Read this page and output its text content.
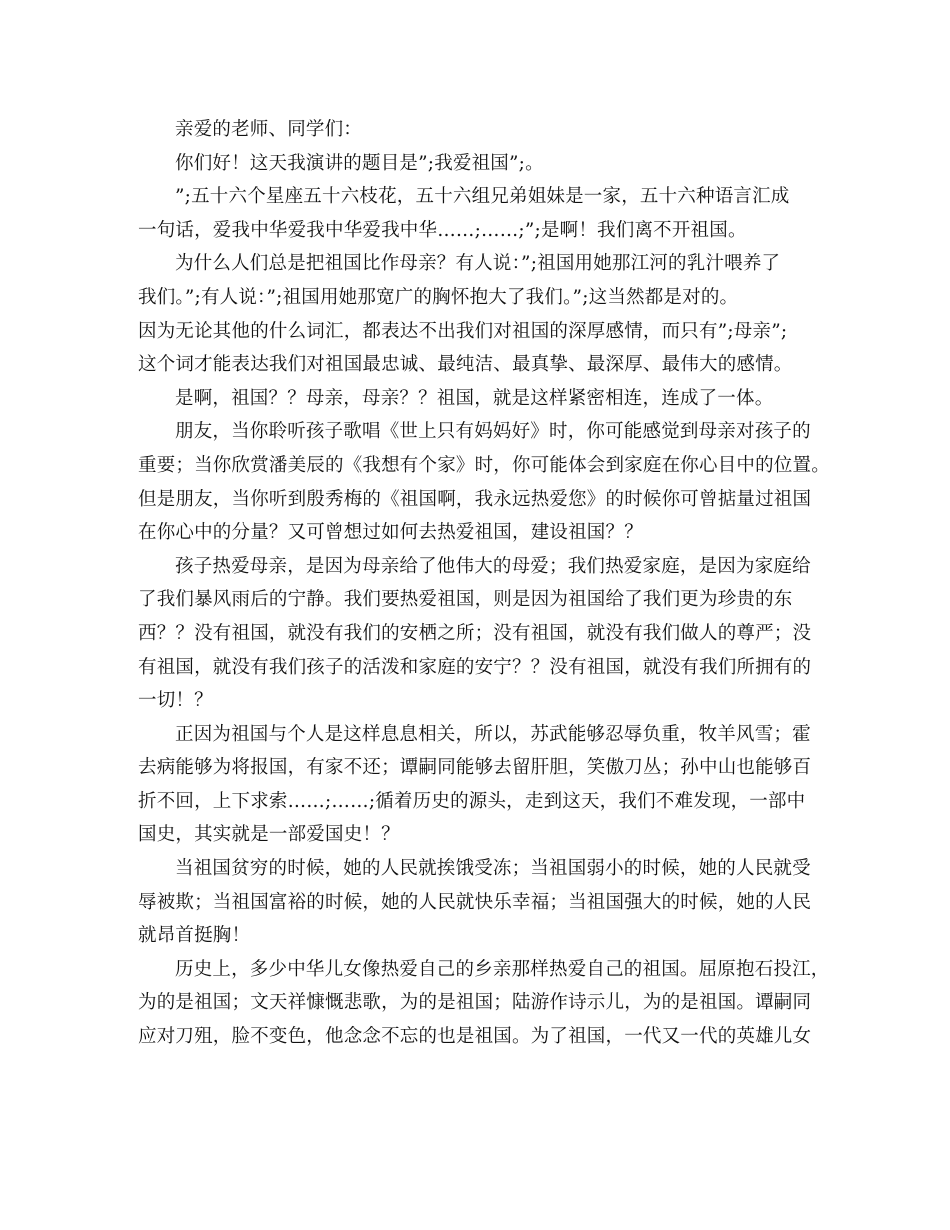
亲爱的老师、同学们：
你们好！这天我演讲的题目是”;我爱祖国”;。
”;五十六个星座五十六枝花，五十六组兄弟姐妹是一家，五十六种语言汇成
一句话，爱我中华爱我中华爱我中华……;……;”;是啊！我们离不开祖国。
为什么人们总是把祖国比作母亲？有人说：”;祖国用她那江河的乳汁喂养了
我们。”;有人说：”;祖国用她那宽广的胸怀抱大了我们。”;这当然都是对的。
因为无论其他的什么词汇，都表达不出我们对祖国的深厚感情，而只有”;母亲”;
这个词才能表达我们对祖国最忠诚、最纯洁、最真挚、最深厚、最伟大的感情。
是啊，祖国？？母亲，母亲？？祖国，就是这样紧密相连，连成了一体。
朋友，当你聆听孩子歌唱《世上只有妈妈好》时，你可能感觉到母亲对孩子的
重要；当你欣赏潘美辰的《我想有个家》时，你可能体会到家庭在你心目中的位置。
但是朋友，当你听到殷秀梅的《祖国啊，我永远热爱您》的时候你可曾掂量过祖国
在你心中的分量？又可曾想过如何去热爱祖国，建设祖国？？
孩子热爱母亲，是因为母亲给了他伟大的母爱；我们热爱家庭，是因为家庭给
了我们暴风雨后的宁静。我们要热爱祖国，则是因为祖国给了我们更为珍贵的东
西？？没有祖国，就没有我们的安栖之所；没有祖国，就没有我们做人的尊严；没
有祖国，就没有我们孩子的活泼和家庭的安宁？？没有祖国，就没有我们所拥有的
一切！？
正因为祖国与个人是这样息息相关，所以，苏武能够忍辱负重，牧羊风雪；霍
去病能够为将报国，有家不还；谭嗣同能够去留肝胆，笑傲刀丛；孙中山也能够百
折不回，上下求索……;……;循着历史的源头，走到这天，我们不难发现，一部中
国史，其实就是一部爱国史！？
当祖国贫穷的时候，她的人民就挨饿受冻；当祖国弱小的时候，她的人民就受
辱被欺；当祖国富裕的时候，她的人民就快乐幸福；当祖国强大的时候，她的人民
就昂首挺胸！
历史上，多少中华儿女像热爱自己的乡亲那样热爱自己的祖国。屈原抱石投江，
为的是祖国；文天祥慷慨悲歌，为的是祖国；陆游作诗示儿，为的是祖国。谭嗣同
应对刀殂，脸不变色，他念念不忘的也是祖国。为了祖国，一代又一代的英雄儿女
